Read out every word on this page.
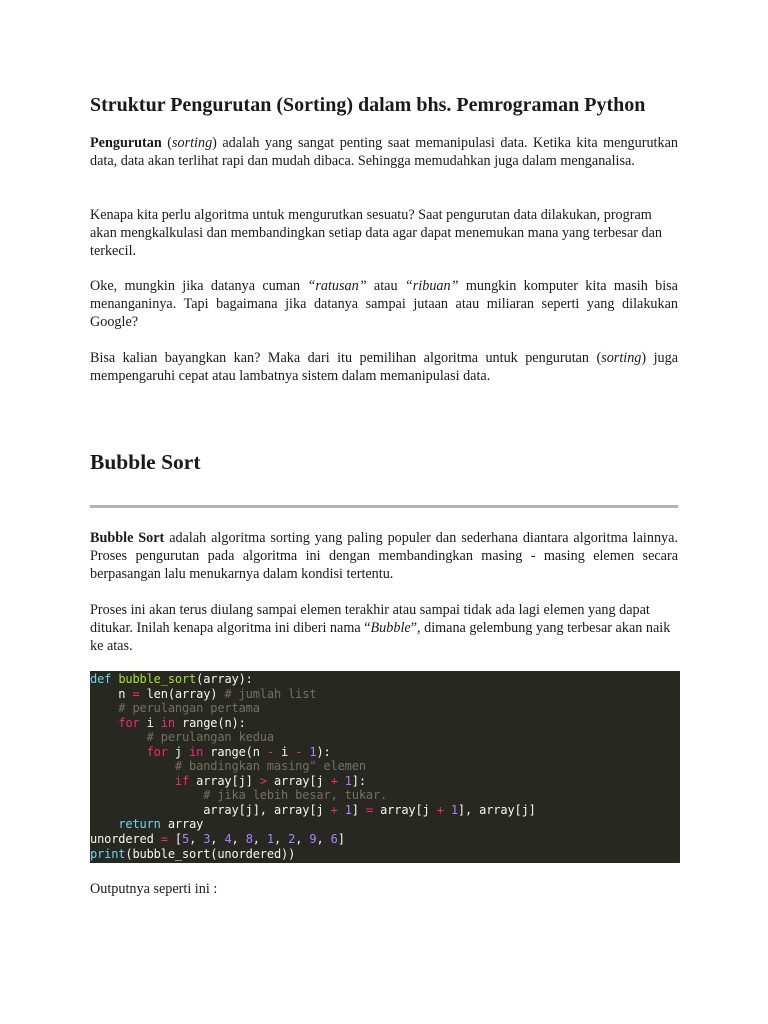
Struktur Pengurutan (Sorting) dalam bhs. Pemrograman Python

Pengurutan (sorting) adalah yang sangat penting saat memanipulasi data. Ketika kita mengurutkan data, data akan terlihat rapi dan mudah dibaca. Sehingga memudahkan juga dalam menganalisa.

Kenapa kita perlu algoritma untuk mengurutkan sesuatu? Saat pengurutan data dilakukan, program akan mengkalkulasi dan membandingkan setiap data agar dapat menemukan mana yang terbesar dan terkecil.

Oke, mungkin jika datanya cuman “ratusan” atau “ribuan” mungkin komputer kita masih bisa menanganinya. Tapi bagaimana jika datanya sampai jutaan atau miliaran seperti yang dilakukan Google?

Bisa kalian bayangkan kan? Maka dari itu pemilihan algoritma untuk pengurutan (sorting) juga mempengaruhi cepat atau lambatnya sistem dalam memanipulasi data.

Bubble Sort

Bubble Sort adalah algoritma sorting yang paling populer dan sederhana diantara algoritma lainnya. Proses pengurutan pada algoritma ini dengan membandingkan masing - masing elemen secara berpasangan lalu menukarnya dalam kondisi tertentu.

Proses ini akan terus diulang sampai elemen terakhir atau sampai tidak ada lagi elemen yang dapat ditukar. Inilah kenapa algoritma ini diberi nama “Bubble”, dimana gelembung yang terbesar akan naik ke atas.

def bubble_sort(array):
n = len(array) # jumlah list
# perulangan pertama
for i in range(n):
# perulangan kedua
for j in range(n - i - 1):
# bandingkan masing" elemen
if array[j] > array[j + 1]:
# jika lebih besar, tukar.
array[j], array[j + 1] = array[j + 1], array[j]
return array
unordered = [5, 3, 4, 8, 1, 2, 9, 6]
print(bubble_sort(unordered))

Outputnya seperti ini :
